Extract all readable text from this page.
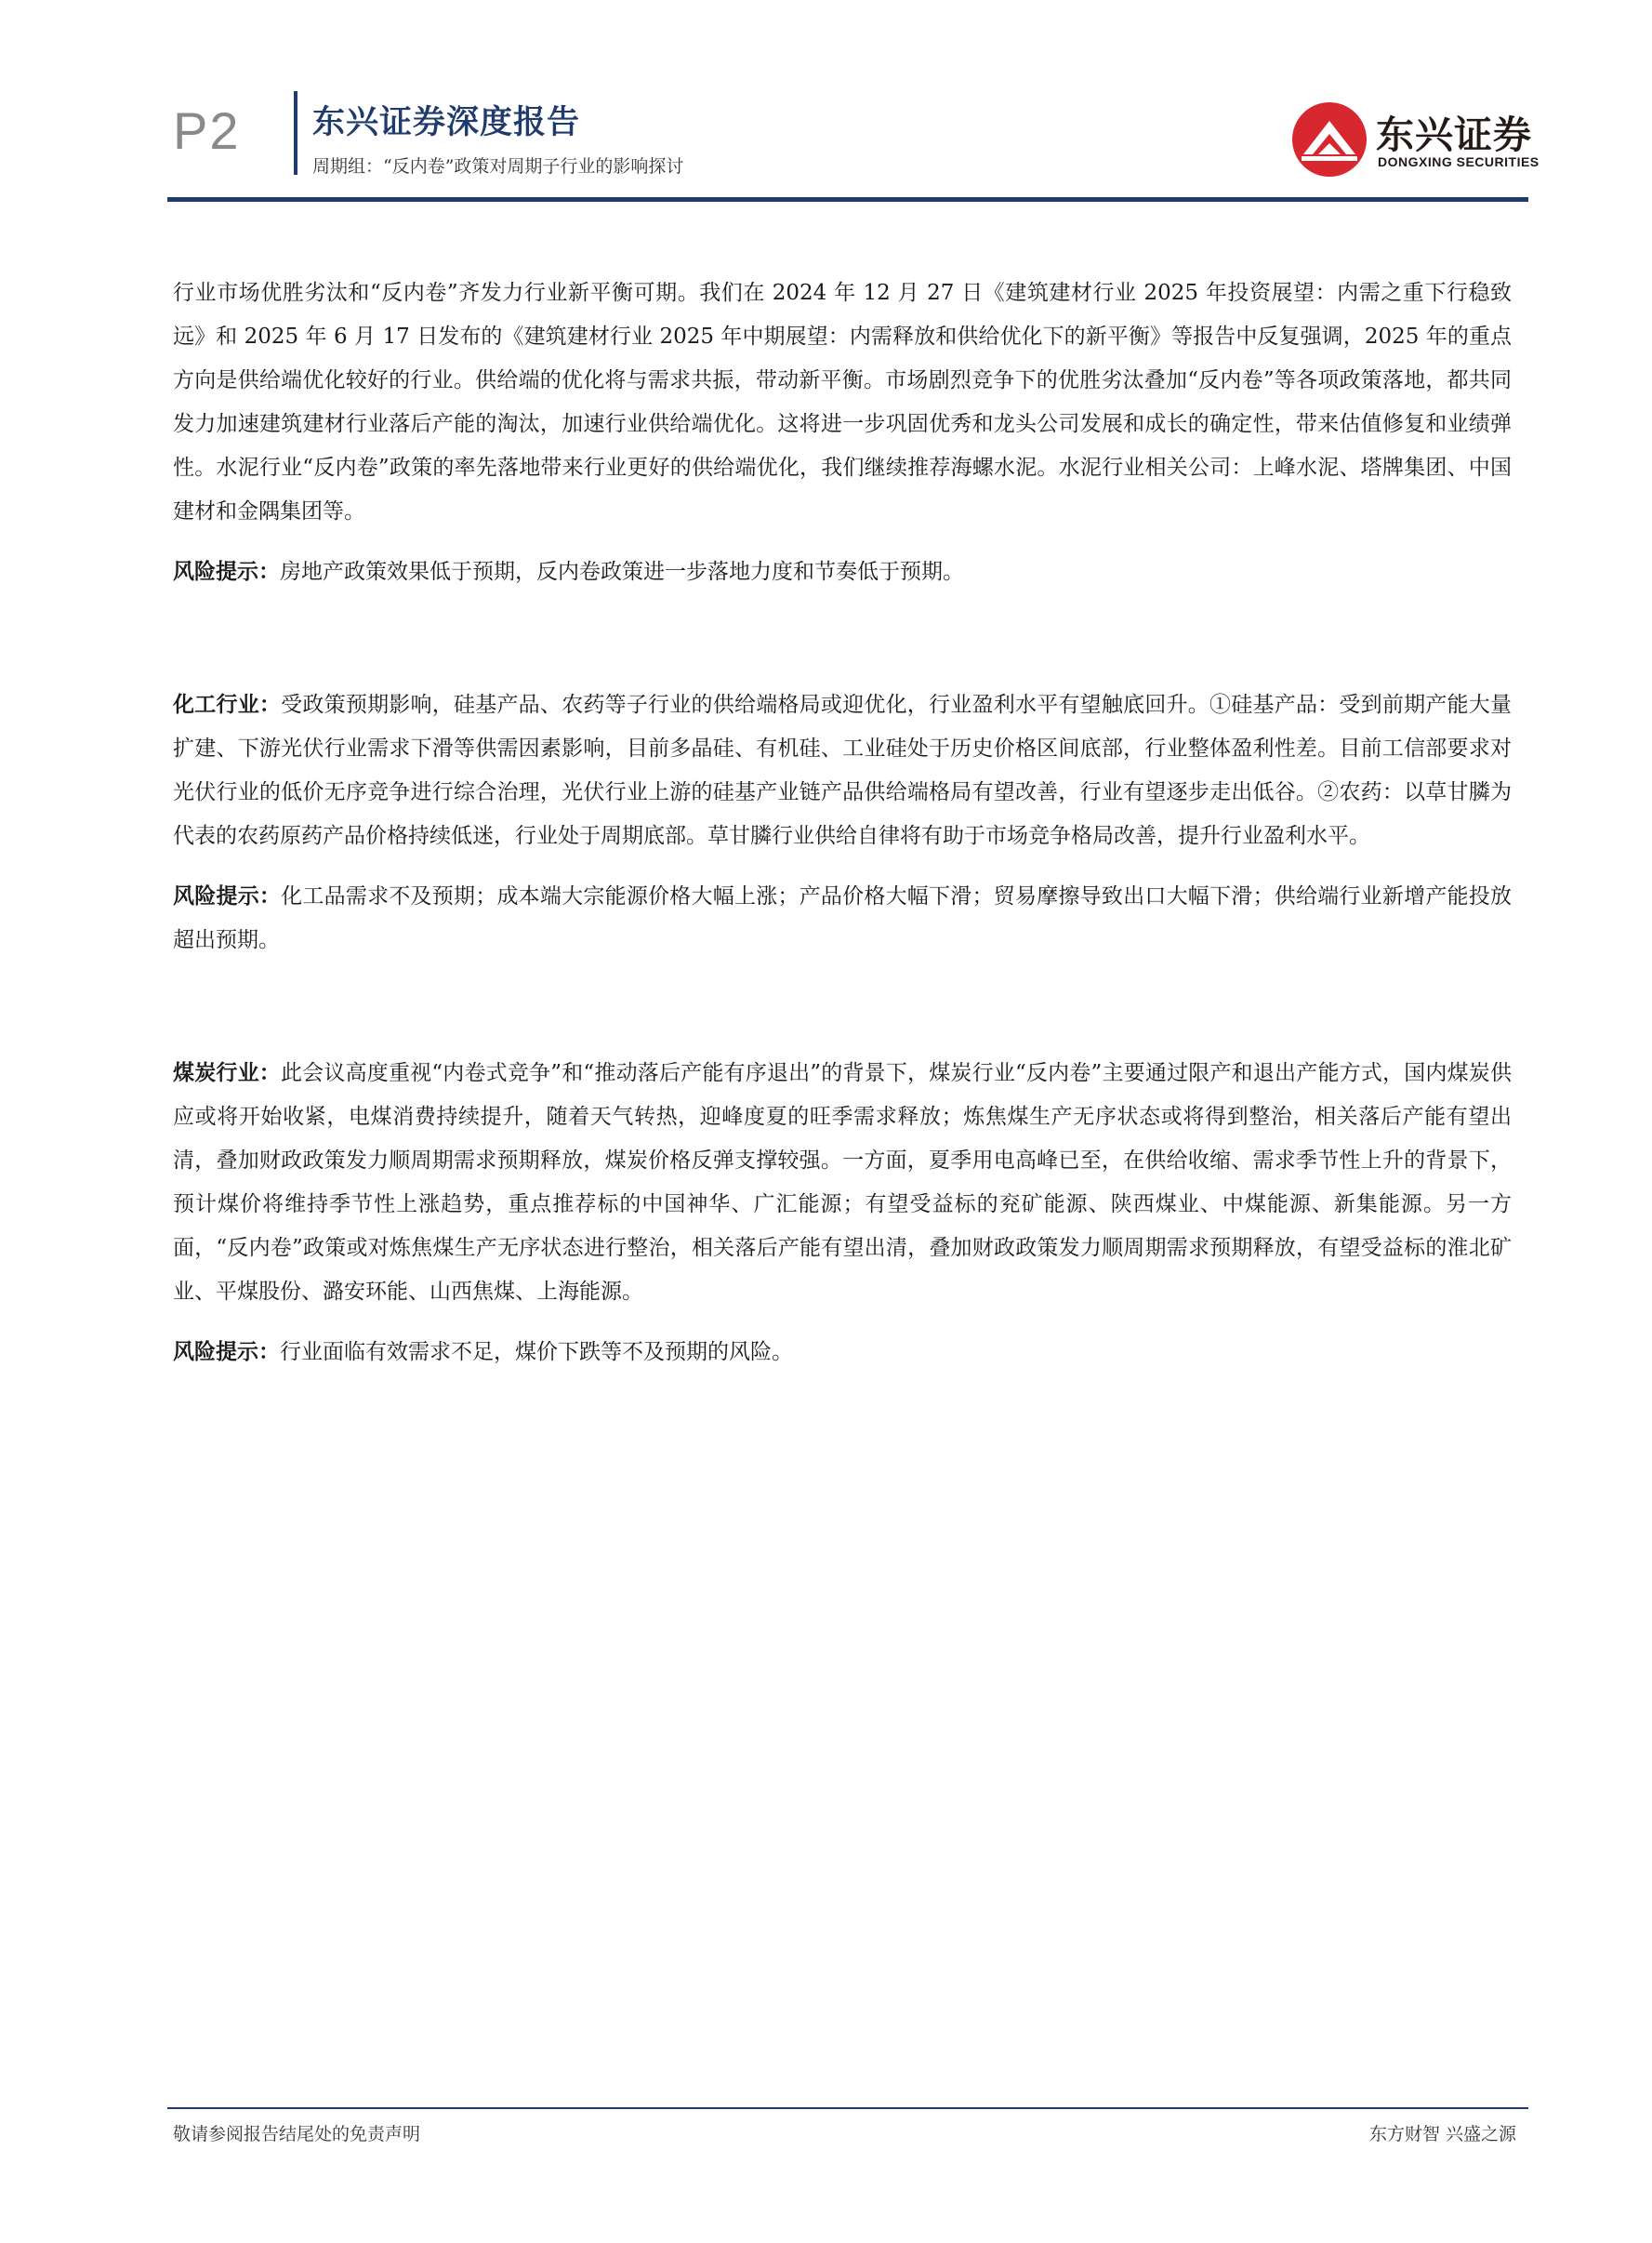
P2 东兴证券深度报告
周期组：“反内卷”政策对周期子行业的影响探讨
东兴证券
DONGXING SECURITIES

行业市场优胜劣汰和“反内卷”齐发力行业新平衡可期。我们在 2024 年 12 月 27 日《建筑建材行业 2025 年投资展望：内需之重下行稳致远》和 2025 年 6 月 17 日发布的《建筑建材行业 2025 年中期展望：内需释放和供给优化下的新平衡》等报告中反复强调，2025 年的重点方向是供给端优化较好的行业。供给端的优化将与需求共振，带动新平衡。市场剧烈竞争下的优胜劣汰叠加“反内卷”等各项政策落地，都共同发力加速建筑建材行业落后产能的淘汰，加速行业供给端优化。这将进一步巩固优秀和龙头公司发展和成长的确定性，带来估值修复和业绩弹性。水泥行业“反内卷”政策的率先落地带来行业更好的供给端优化，我们继续推荐海螺水泥。水泥行业相关公司：上峰水泥、塔牌集团、中国建材和金隅集团等。

风险提示：房地产政策效果低于预期，反内卷政策进一步落地力度和节奏低于预期。

化工行业：受政策预期影响，硅基产品、农药等子行业的供给端格局或迎优化，行业盈利水平有望触底回升。①硅基产品：受到前期产能大量扩建、下游光伏行业需求下滑等供需因素影响，目前多晶硅、有机硅、工业硅处于历史价格区间底部，行业整体盈利性差。目前工信部要求对光伏行业的低价无序竞争进行综合治理，光伏行业上游的硅基产业链产品供给端格局有望改善，行业有望逐步走出低谷。②农药：以草甘膦为代表的农药原药产品价格持续低迷，行业处于周期底部。草甘膦行业供给自律将有助于市场竞争格局改善，提升行业盈利水平。

风险提示：化工品需求不及预期；成本端大宗能源价格大幅上涨；产品价格大幅下滑；贸易摩擦导致出口大幅下滑；供给端行业新增产能投放超出预期。

煤炭行业：此会议高度重视“内卷式竞争”和“推动落后产能有序退出”的背景下，煤炭行业“反内卷”主要通过限产和退出产能方式，国内煤炭供应或将开始收紧，电煤消费持续提升，随着天气转热，迎峰度夏的旺季需求释放；炼焦煤生产无序状态或将得到整治，相关落后产能有望出清，叠加财政政策发力顺周期需求预期释放，煤炭价格反弹支撑较强。一方面，夏季用电高峰已至，在供给收缩、需求季节性上升的背景下，预计煤价将维持季节性上涨趋势，重点推荐标的中国神华、广汇能源；有望受益标的兖矿能源、陕西煤业、中煤能源、新集能源。另一方面，“反内卷”政策或对炼焦煤生产无序状态进行整治，相关落后产能有望出清，叠加财政政策发力顺周期需求预期释放，有望受益标的淮北矿业、平煤股份、潞安环能、山西焦煤、上海能源。

风险提示：行业面临有效需求不足，煤价下跌等不及预期的风险。

敬请参阅报告结尾处的免责声明	东方财智 兴盛之源
